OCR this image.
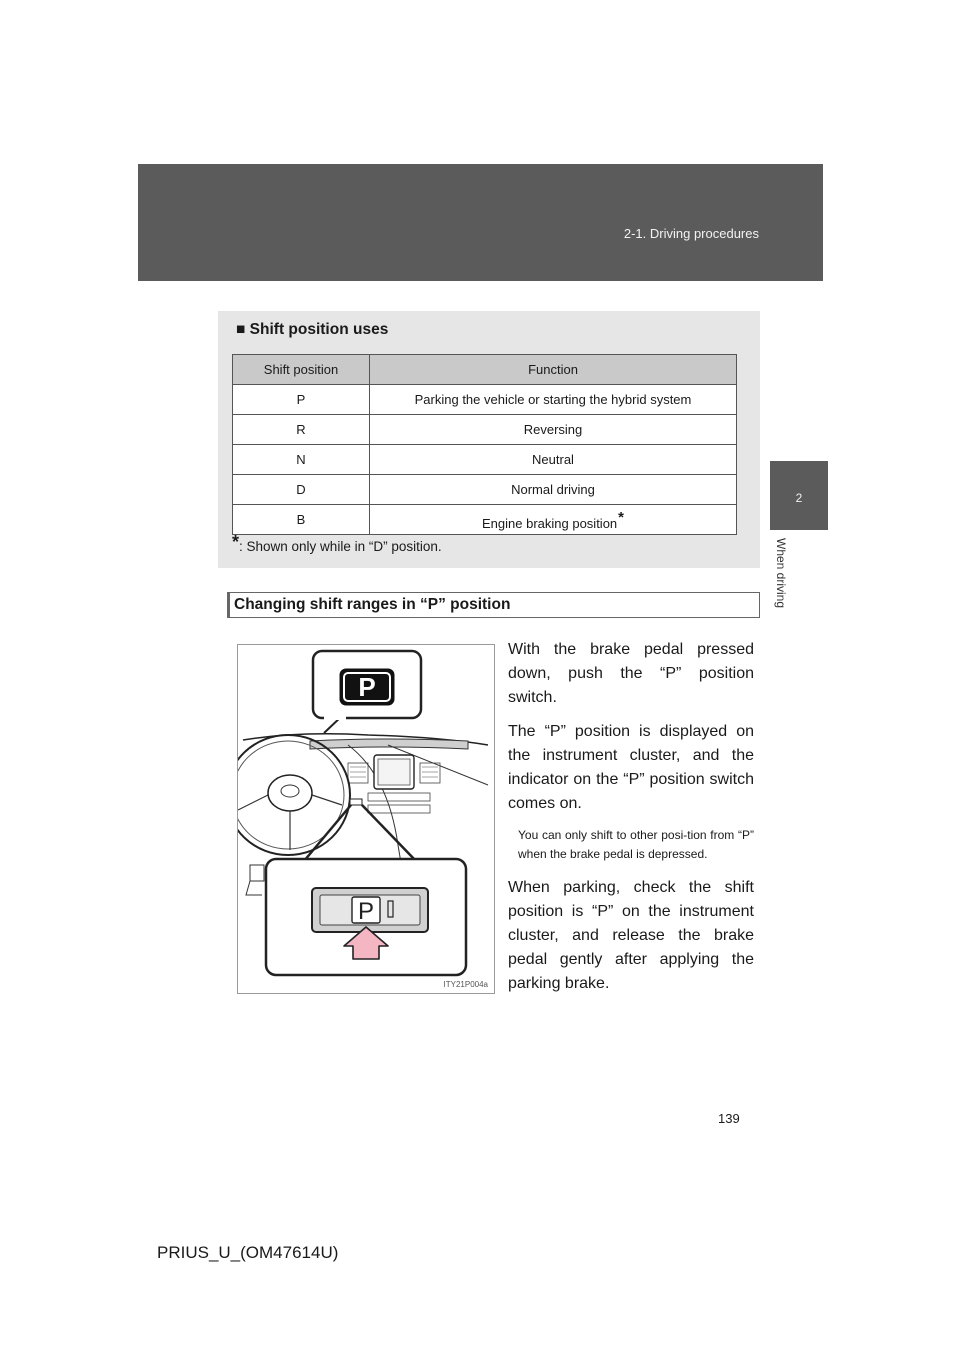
2-1. Driving procedures
2
When driving
■ Shift position uses
Shift position	Function
P	Parking the vehicle or starting the hybrid system
R	Reversing
N	Neutral
D	Normal driving
B	Engine braking position*
*: Shown only while in “D” position.
Changing shift ranges in “P” position
P
P
ITY21P004a

With the brake pedal pressed down, push the “P” position switch.

The “P” position is displayed on the instrument cluster, and the indicator on the “P” position switch comes on.

You can only shift to other posi-tion from “P” when the brake pedal is depressed.

When parking, check the shift position is “P” on the instrument cluster, and release the brake pedal gently after applying the parking brake.

139
PRIUS_U_(OM47614U)
